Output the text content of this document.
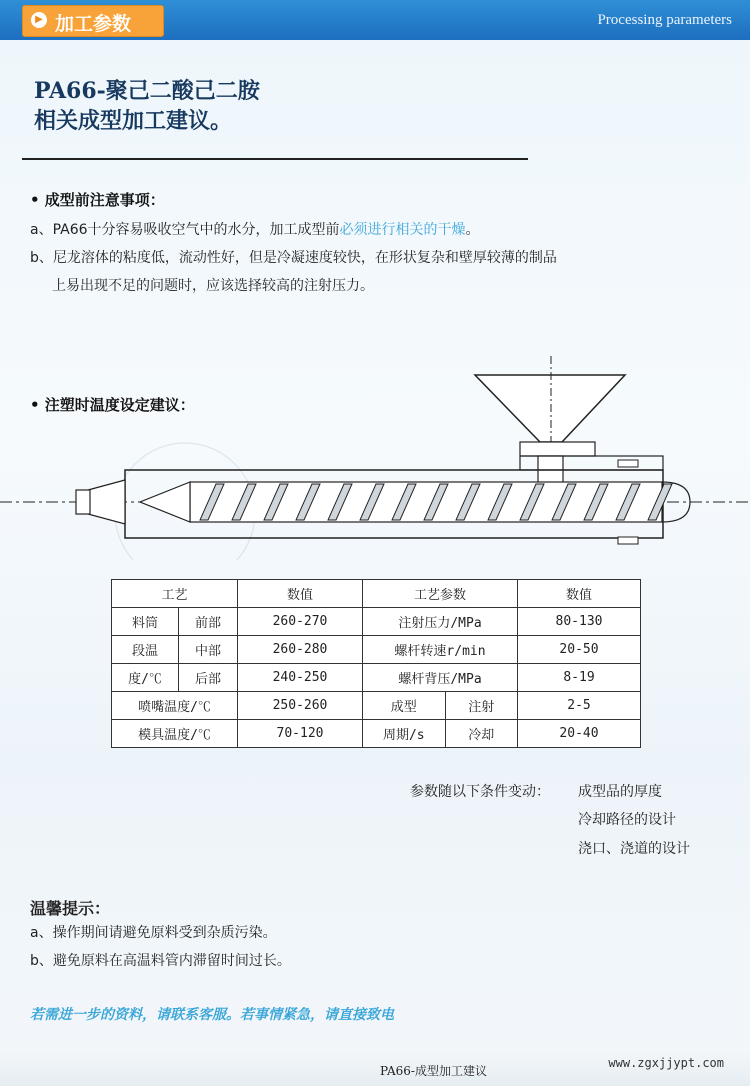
▶ 加工参数	Processing parameters
PA66-聚己二酸己二胺
相关成型加工建议。
• 成型前注意事项：
a、PA66十分容易吸收空气中的水分，加工成型前必须进行相关的干燥。
b、尼龙溶体的粘度低，流动性好，但是冷凝速度较快，在形状复杂和壁厚较薄的制品
上易出现不足的问题时，应该选择较高的注射压力。
• 注塑时温度设定建议：
工艺		数值	工艺参数		数值
料筒	前部	260-270	注射压力/MPa		80-130
段温	中部	260-280	螺杆转速r/min		20-50
度/℃	后部	240-250	螺杆背压/MPa		8-19
喷嘴温度/℃		250-260	成型	注射	2-5
模具温度/℃		70-120	周期/s	冷却	20-40
参数随以下条件变动： 成型品的厚度
冷却路径的设计
浇口、浇道的设计
温馨提示：
a、操作期间请避免原料受到杂质污染。
b、避免原料在高温料管内滞留时间过长。
若需进一步的资料，请联系客服。若事情紧急，请直接致电ᅟ
PA66-成型加工建议
www.zgxjjypt.com
